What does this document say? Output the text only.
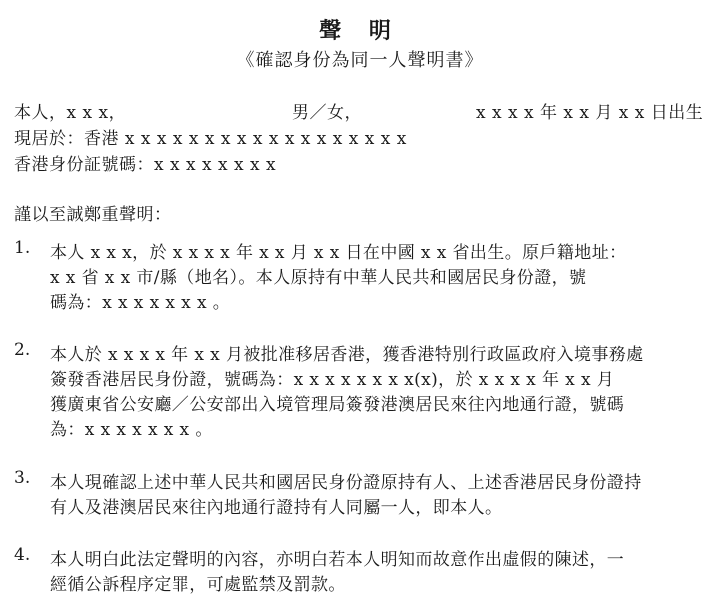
聲 明
《確認身份為同一人聲明書》
本人，x x x，	男／女，	x x x x 年 x x 月 x x 日出生
現居於：香港 x x x x x x x x x x x x x x x x x x
香港身份証號碼：x x x x x x x x
謹以至誠鄭重聲明：
1. 本人 x x x，於 x x x x 年 x x 月 x x 日在中國 x x 省出生。原戶籍地址：
x x 省 x x 市/縣（地名）。本人原持有中華人民共和國居民身份證，號
碼為：x x x x x x x 。
2. 本人於 x x x x 年 x x 月被批准移居香港，獲香港特別行政區政府入境事務處
簽發香港居民身份證，號碼為：x x x x x x x x(x)，於 x x x x 年 x x 月
獲廣東省公安廳／公安部出入境管理局簽發港澳居民來往內地通行證，號碼
為：x x x x x x x 。
3. 本人現確認上述中華人民共和國居民身份證原持有人、上述香港居民身份證持
有人及港澳居民來往內地通行證持有人同屬一人，即本人。
4. 本人明白此法定聲明的內容，亦明白若本人明知而故意作出虛假的陳述，一
經循公訴程序定罪，可處監禁及罰款。
